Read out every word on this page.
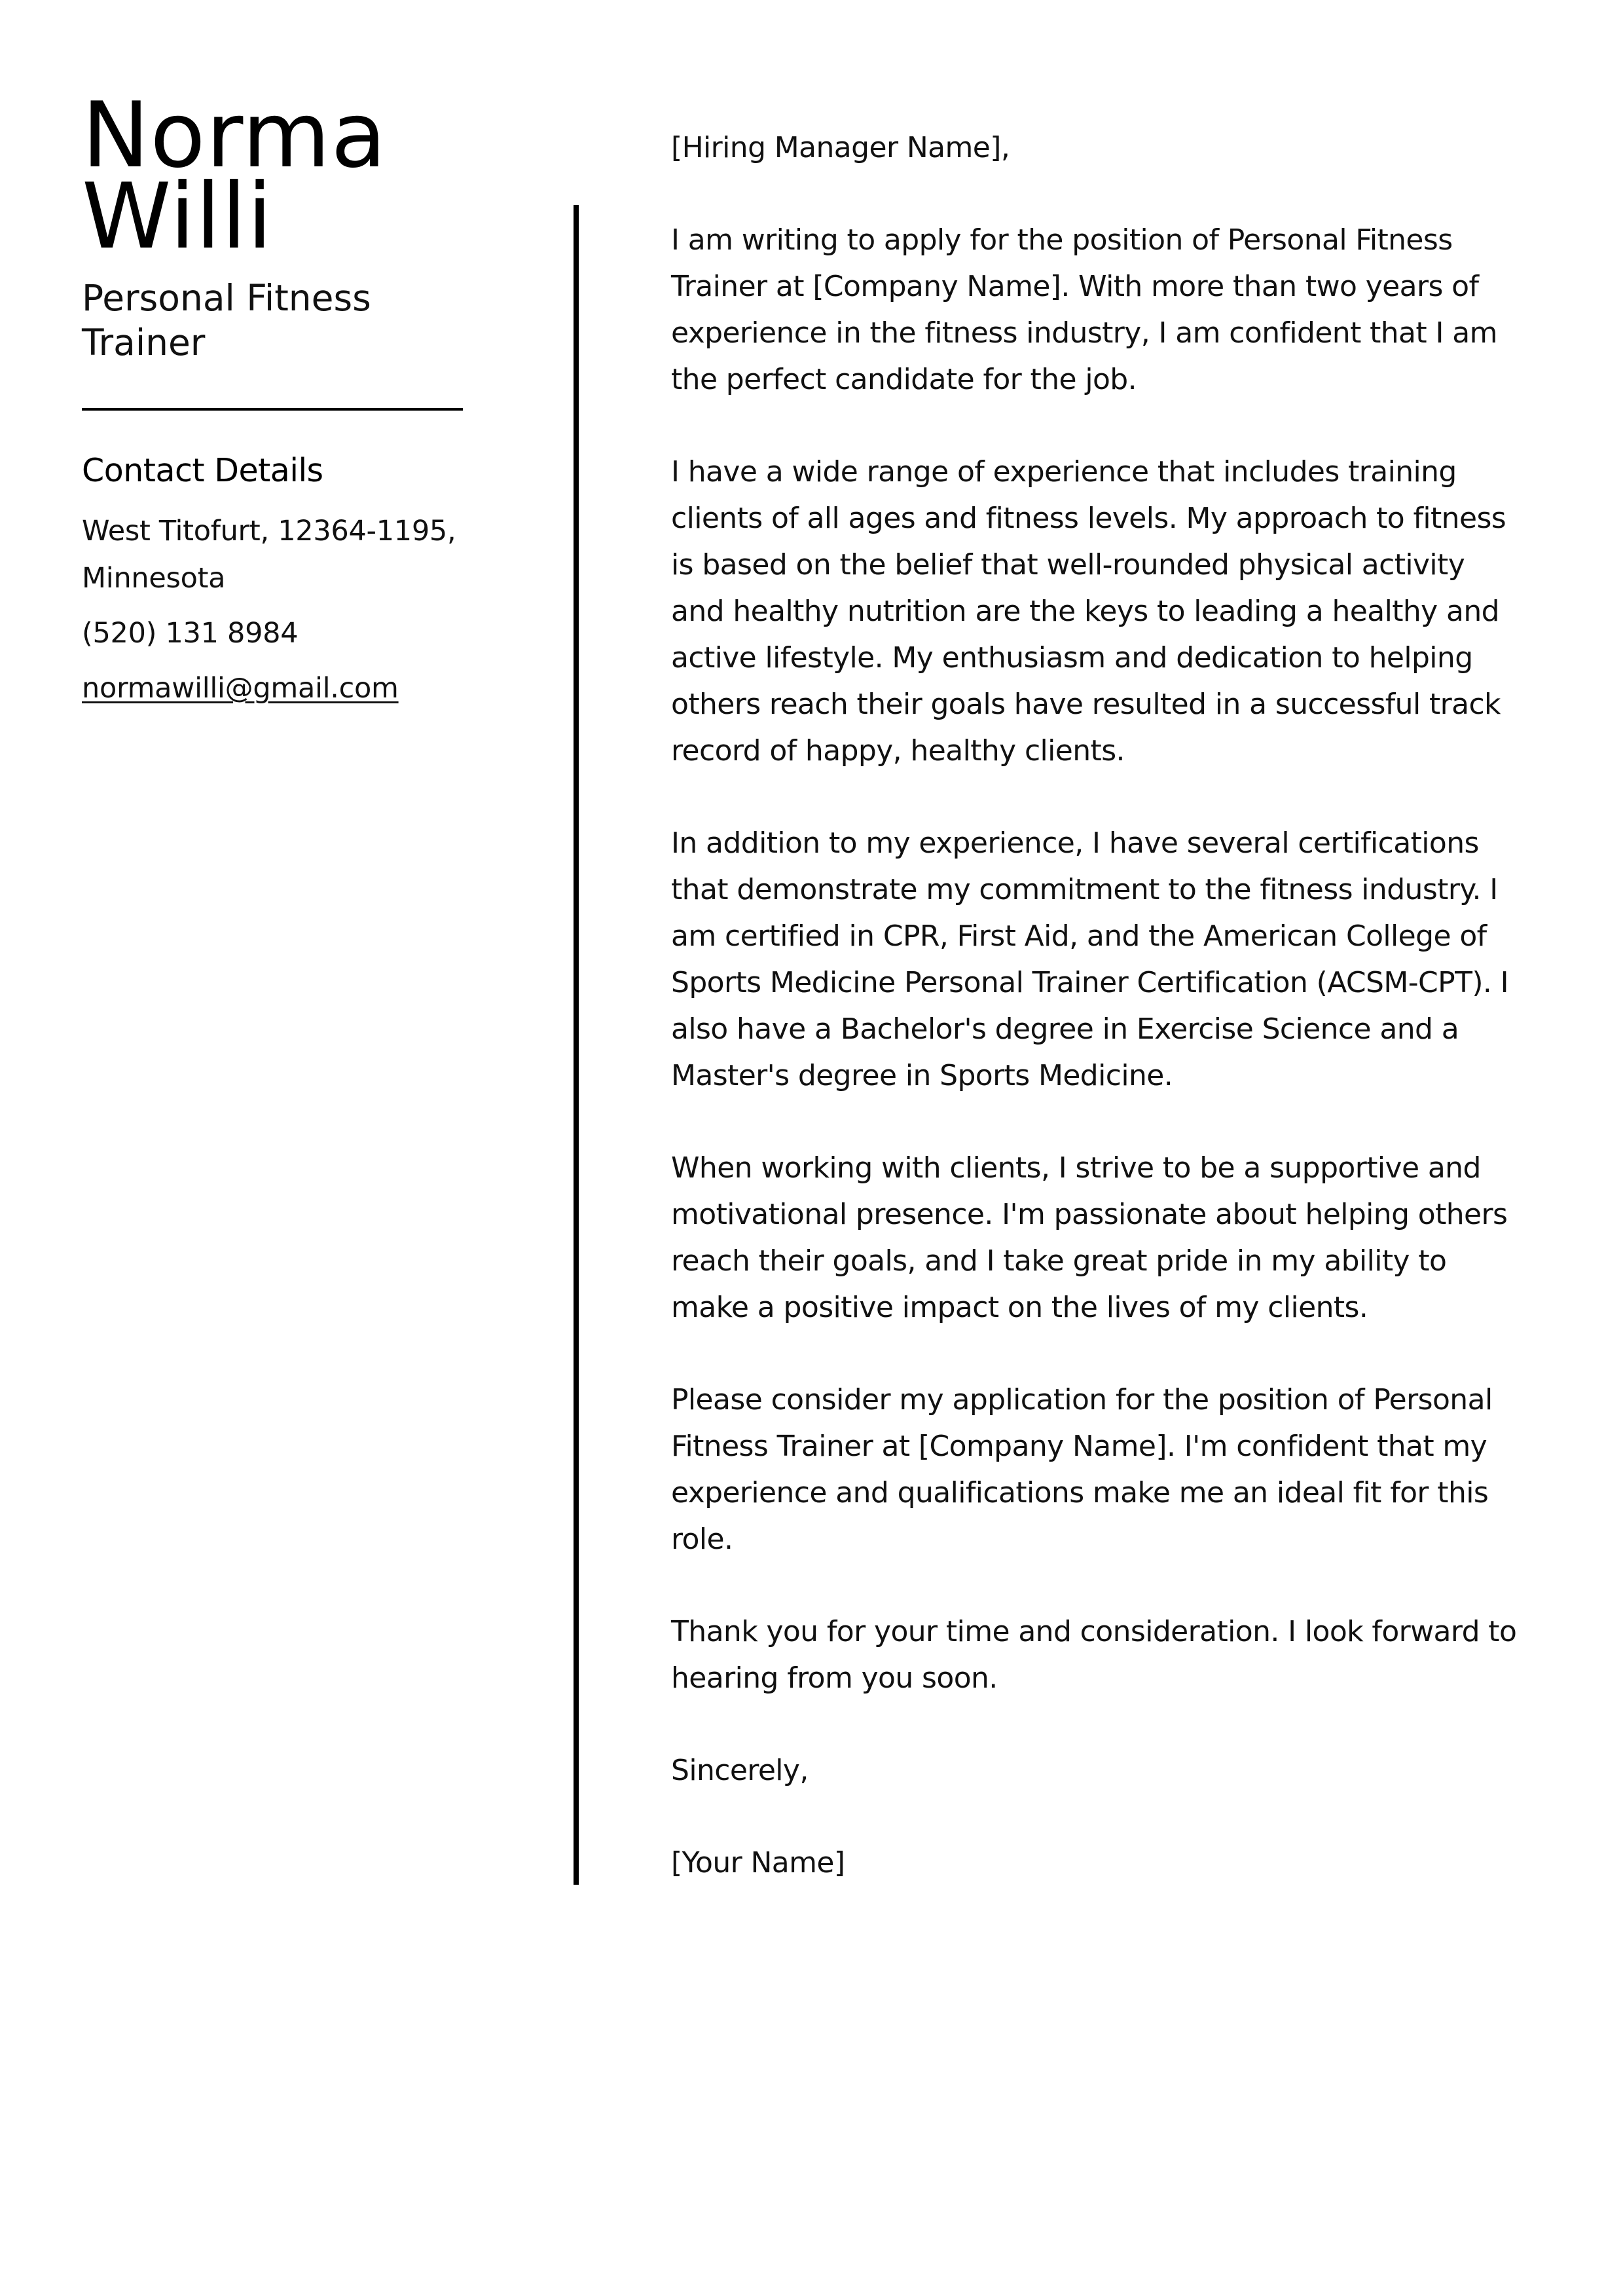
Norma
Willi
Personal Fitness Trainer
Contact Details
West Titofurt, 12364-1195, Minnesota
(520) 131 8984
normawilli@gmail.com

[Hiring Manager Name],

I am writing to apply for the position of Personal Fitness Trainer at [Company Name]. With more than two years of experience in the fitness industry, I am confident that I am the perfect candidate for the job.

I have a wide range of experience that includes training clients of all ages and fitness levels. My approach to fitness is based on the belief that well-rounded physical activity and healthy nutrition are the keys to leading a healthy and active lifestyle. My enthusiasm and dedication to helping others reach their goals have resulted in a successful track record of happy, healthy clients.

In addition to my experience, I have several certifications that demonstrate my commitment to the fitness industry. I am certified in CPR, First Aid, and the American College of Sports Medicine Personal Trainer Certification (ACSM-CPT). I also have a Bachelor's degree in Exercise Science and a Master's degree in Sports Medicine.

When working with clients, I strive to be a supportive and motivational presence. I'm passionate about helping others reach their goals, and I take great pride in my ability to make a positive impact on the lives of my clients.

Please consider my application for the position of Personal Fitness Trainer at [Company Name]. I'm confident that my experience and qualifications make me an ideal fit for this role.

Thank you for your time and consideration. I look forward to hearing from you soon.

Sincerely,

[Your Name]
